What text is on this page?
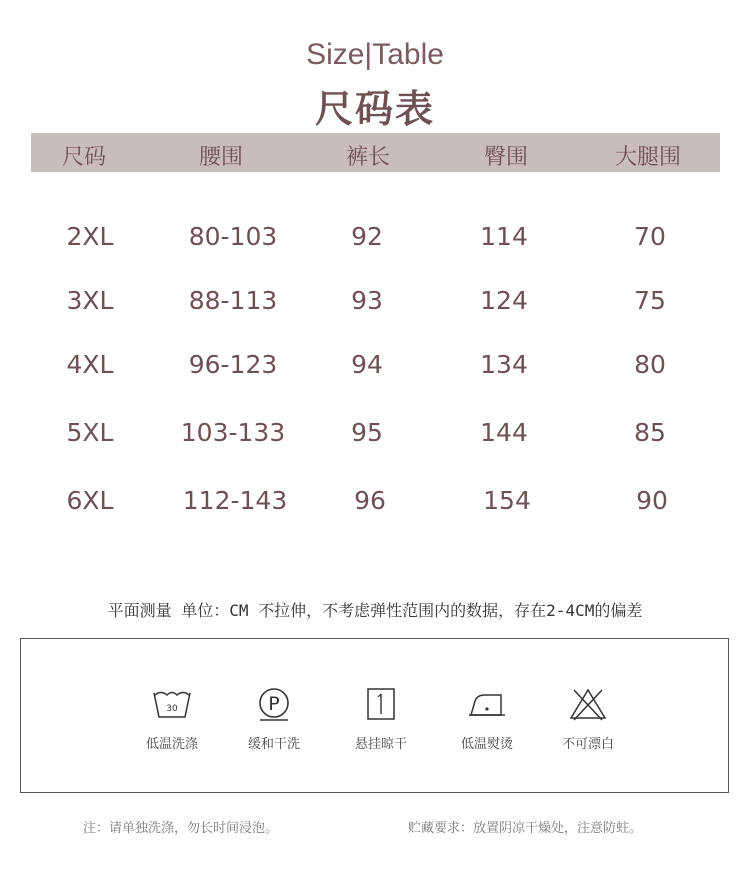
Size|Table
尺码表
尺码	腰围	裤长	臀围	大腿围
2XL	80-103	92	114	70
3XL	88-113	93	124	75
4XL	96-123	94	134	80
5XL	103-133	95	144	85
6XL	112-143	96	154	90
平面测量 单位：CM 不拉伸，不考虑弹性范围内的数据，存在2-4CM的偏差
30
低温洗涤
P
缓和干洗	悬挂晾干	低温熨烫	不可漂白
注：请单独洗涤，勿长时间浸泡。	贮藏要求：放置阴凉干燥处，注意防蛀。
